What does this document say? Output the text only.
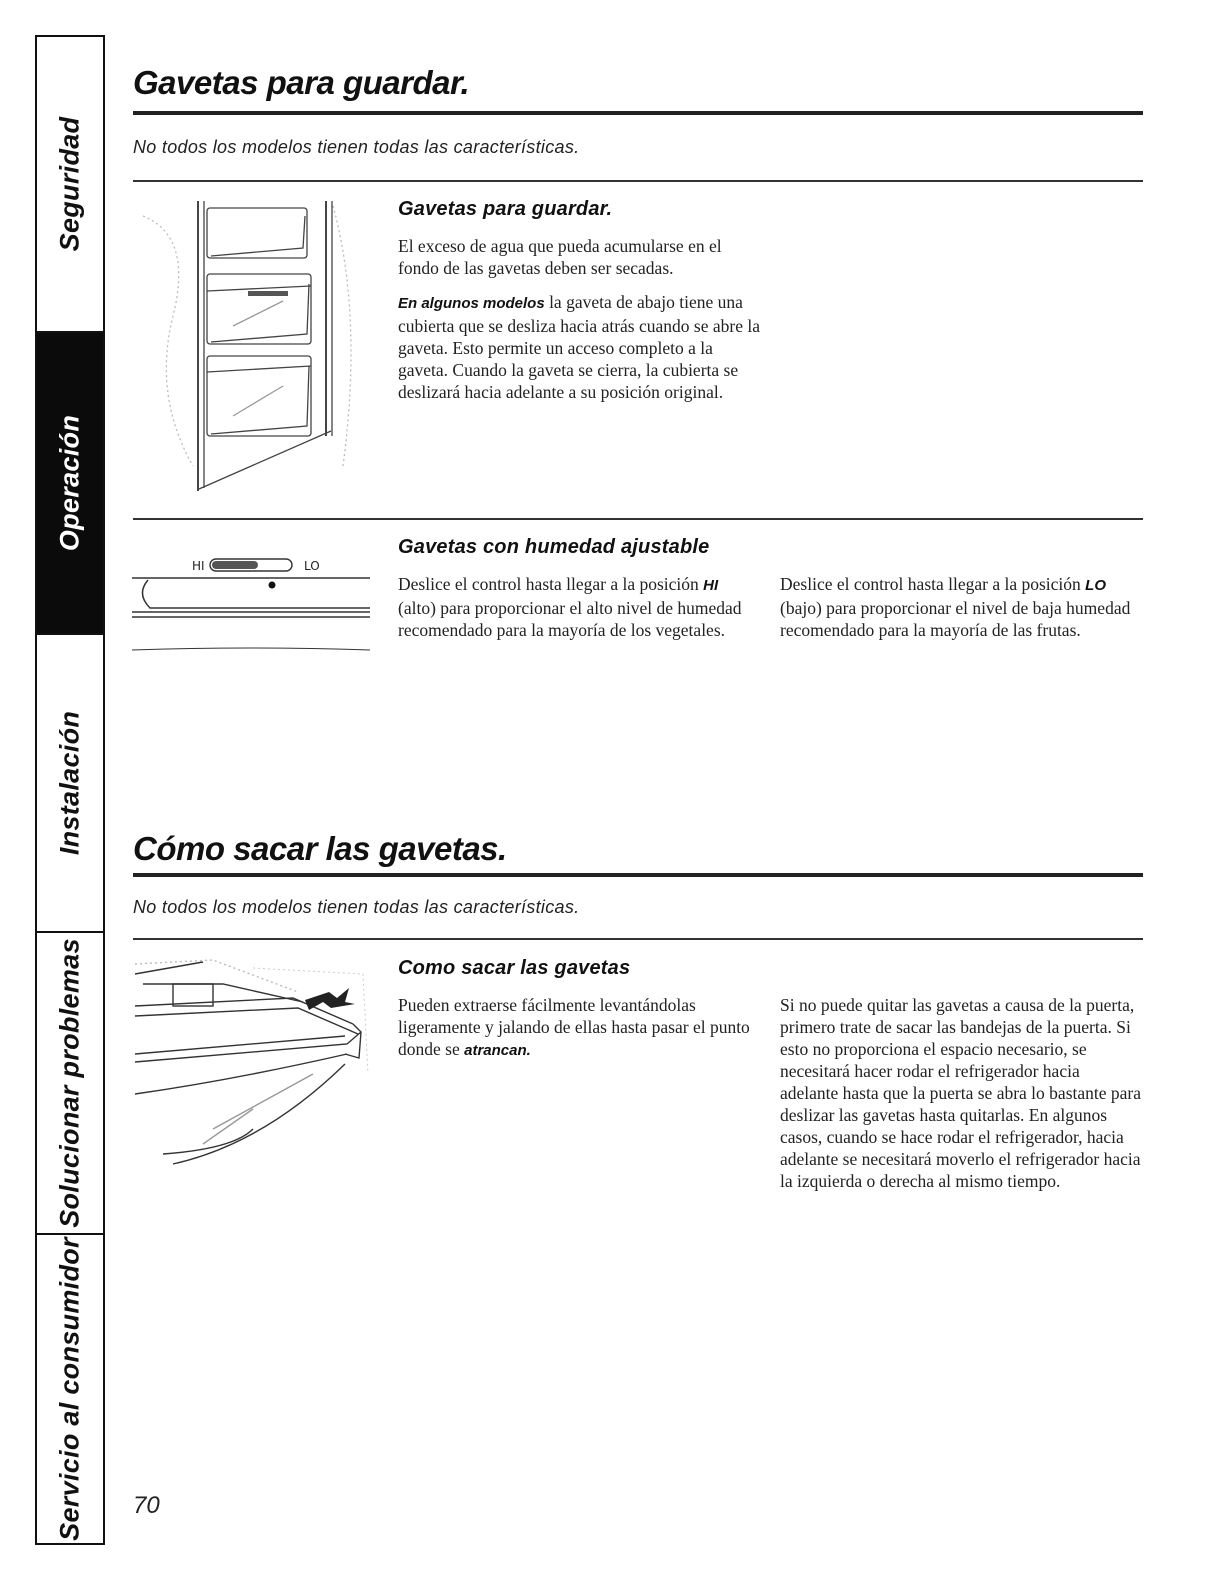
Seguridad
Operación
Instalación
Solucionar problemas
Servicio al consumidor
Gavetas para guardar.

No todos los modelos tienen todas las características.

Gavetas para guardar.

El exceso de agua que pueda acumularse en el fondo de las gavetas deben ser secadas.

En algunos modelos la gaveta de abajo tiene una cubierta que se desliza hacia atrás cuando se abre la gaveta. Esto permite un acceso completo a la gaveta. Cuando la gaveta se cierra, la cubierta se deslizará hacia adelante a su posición original.

HI	LO
Gavetas con humedad ajustable

Deslice el control hasta llegar a la posición HI (alto) para proporcionar el alto nivel de humedad recomendado para la mayoría de los vegetales.

Deslice el control hasta llegar a la posición LO (bajo) para proporcionar el nivel de baja humedad recomendado para la mayoría de las frutas.

Cómo sacar las gavetas.

No todos los modelos tienen todas las características.

Como sacar las gavetas

Pueden extraerse fácilmente levantándolas ligeramente y jalando de ellas hasta pasar el punto donde se atrancan.

Si no puede quitar las gavetas a causa de la puerta, primero trate de sacar las bandejas de la puerta. Si esto no proporciona el espacio necesario, se necesitará hacer rodar el refrigerador hacia adelante hasta que la puerta se abra lo bastante para deslizar las gavetas hasta quitarlas. En algunos casos, cuando se hace rodar el refrigerador, hacia adelante se necesitará moverlo el refrigerador hacia la izquierda o derecha al mismo tiempo.

70
